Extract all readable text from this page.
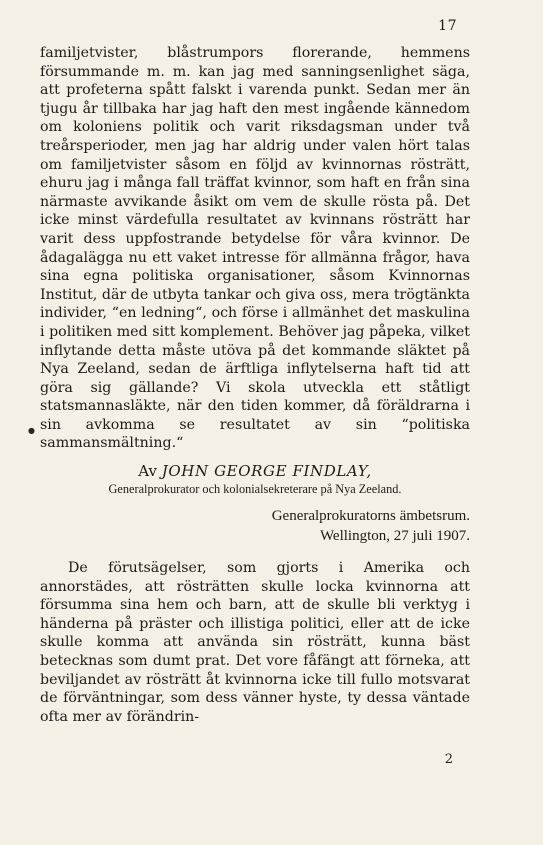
17
●

familjetvister, blåstrumpors florerande, hemmens försummande m. m. kan jag med sanningsenlighet säga, att profeterna spått falskt i varenda punkt. Sedan mer än tjugu år tillbaka har jag haft den mest ingående kännedom om koloniens politik och varit riksdagsman under två treårsperioder, men jag har aldrig under valen hört talas om familjetvister såsom en följd av kvinnornas rösträtt, ehuru jag i många fall träffat kvinnor, som haft en från sina närmaste avvikande åsikt om vem de skulle rösta på. Det icke minst värdefulla resultatet av kvinnans rösträtt har varit dess uppfostrande betydelse för våra kvinnor. De ådagalägga nu ett vaket intresse för allmänna frågor, hava sina egna politiska organisationer, såsom Kvinnornas Institut, där de utbyta tankar och giva oss, mera trögtänkta individer, “en ledning“, och förse i allmänhet det maskulina i politiken med sitt komplement. Behöver jag påpeka, vilket inflytande detta måste utöva på det kommande släktet på Nya Zeeland, sedan de ärftliga inflytelserna haft tid att göra sig gällande? Vi skola utveckla ett ståtligt statsmannasläkte, när den tiden kommer, då föräldrarna i sin avkomma se resultatet av sin “politiska sammansmältning.“

Av JOHN GEORGE FINDLAY,
Generalprokurator och kolonialsekreterare på Nya Zeeland.
Generalprokuratorns ämbetsrum.
Wellington, 27 juli 1907.

De förutsägelser, som gjorts i Amerika och annorstädes, att rösträtten skulle locka kvinnorna att försumma sina hem och barn, att de skulle bli verktyg i händerna på präster och illistiga politici, eller att de icke skulle komma att använda sin rösträtt, kunna bäst betecknas som dumt prat. Det vore fåfängt att förneka, att beviljandet av rösträtt åt kvinnorna icke till fullo motsvarat de förväntningar, som dess vänner hyste, ty dessa väntade ofta mer av förändrin-

2
